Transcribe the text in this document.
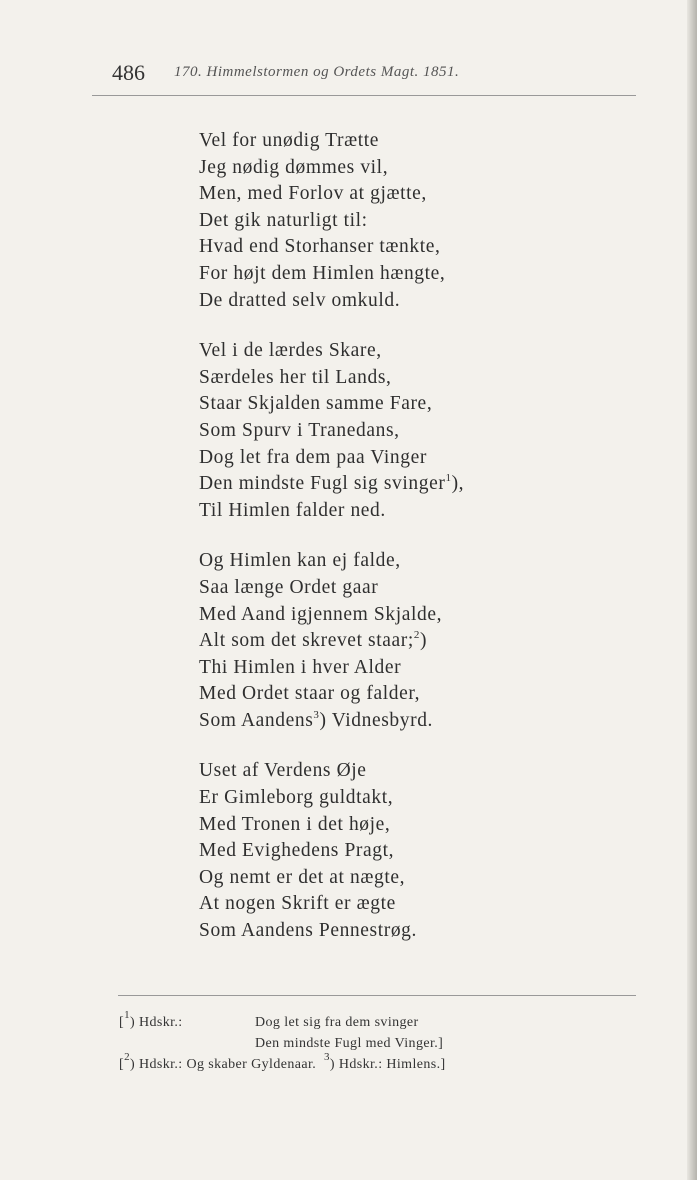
486 170. Himmelstormen og Ordets Magt. 1851.
Vel for unødig Trætte
Jeg nødig dømmes vil,
Men, med Forlov at gjætte,
Det gik naturligt til:
Hvad end Storhanser tænkte,
For højt dem Himlen hængte,
De dratted selv omkuld.
Vel i de lærdes Skare,
Særdeles her til Lands,
Staar Skjalden samme Fare,
Som Spurv i Tranedans,
Dog let fra dem paa Vinger
Den mindste Fugl sig svinger$^1$),
Til Himlen falder ned.
Og Himlen kan ej falde,
Saa længe Ordet gaar
Med Aand igjennem Skjalde,
Alt som det skrevet staar;$^2$)
Thi Himlen i hver Alder
Med Ordet staar og falder,
Som Aandens$^3$) Vidnesbyrd.
Uset af Verdens Øje
Er Gimleborg guldtakt,
Med Tronen i det høje,
Med Evighedens Pragt,
Og nemt er det at nægte,
At nogen Skrift er ægte
Som Aandens Pennestrøg.
[$^1$) Hdskr.:	Dog let sig fra dem svinger
Den mindste Fugl med Vinger.]
[$^2$) Hdskr.: Og skaber Gyldenaar. $^3$) Hdskr.: Himlens.]
